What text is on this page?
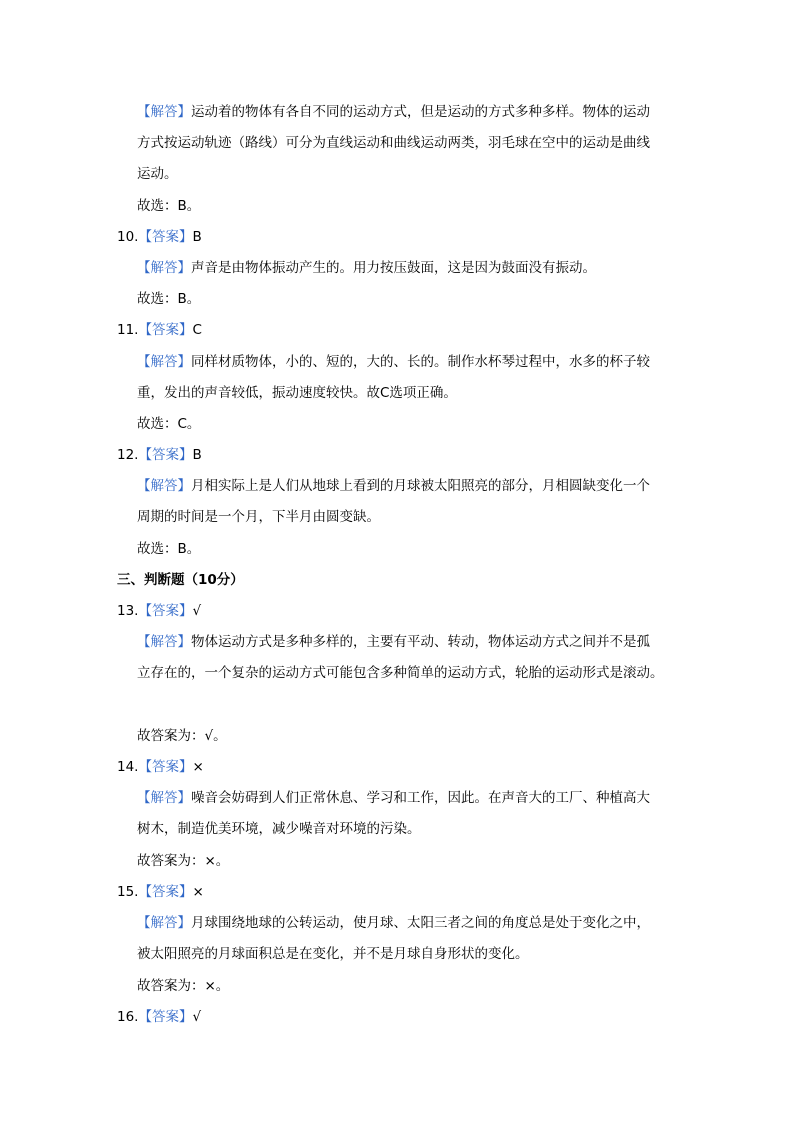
【解答】运动着的物体有各自不同的运动方式，但是运动的方式多种多样。物体的运动
方式按运动轨迹（路线）可分为直线运动和曲线运动两类，羽毛球在空中的运动是曲线
运动。
故选：B。
10.【答案】B
【解答】声音是由物体振动产生的。用力按压鼓面，这是因为鼓面没有振动。
故选：B。
11.【答案】C
【解答】同样材质物体，小的、短的，大的、长的。制作水杯琴过程中，水多的杯子较
重，发出的声音较低，振动速度较快。故C选项正确。
故选：C。
12.【答案】B
【解答】月相实际上是人们从地球上看到的月球被太阳照亮的部分，月相圆缺变化一个
周期的时间是一个月，下半月由圆变缺。
故选：B。
三、判断题（10分）
13.【答案】√
【解答】物体运动方式是多种多样的，主要有平动、转动，物体运动方式之间并不是孤
立存在的，一个复杂的运动方式可能包含多种简单的运动方式，轮胎的运动形式是滚动。
故答案为：√。
14.【答案】×
【解答】噪音会妨碍到人们正常休息、学习和工作，因此。在声音大的工厂、种植高大
树木，制造优美环境，减少噪音对环境的污染。
故答案为：×。
15.【答案】×
【解答】月球围绕地球的公转运动，使月球、太阳三者之间的角度总是处于变化之中，
被太阳照亮的月球面积总是在变化，并不是月球自身形状的变化。
故答案为：×。
16.【答案】√
